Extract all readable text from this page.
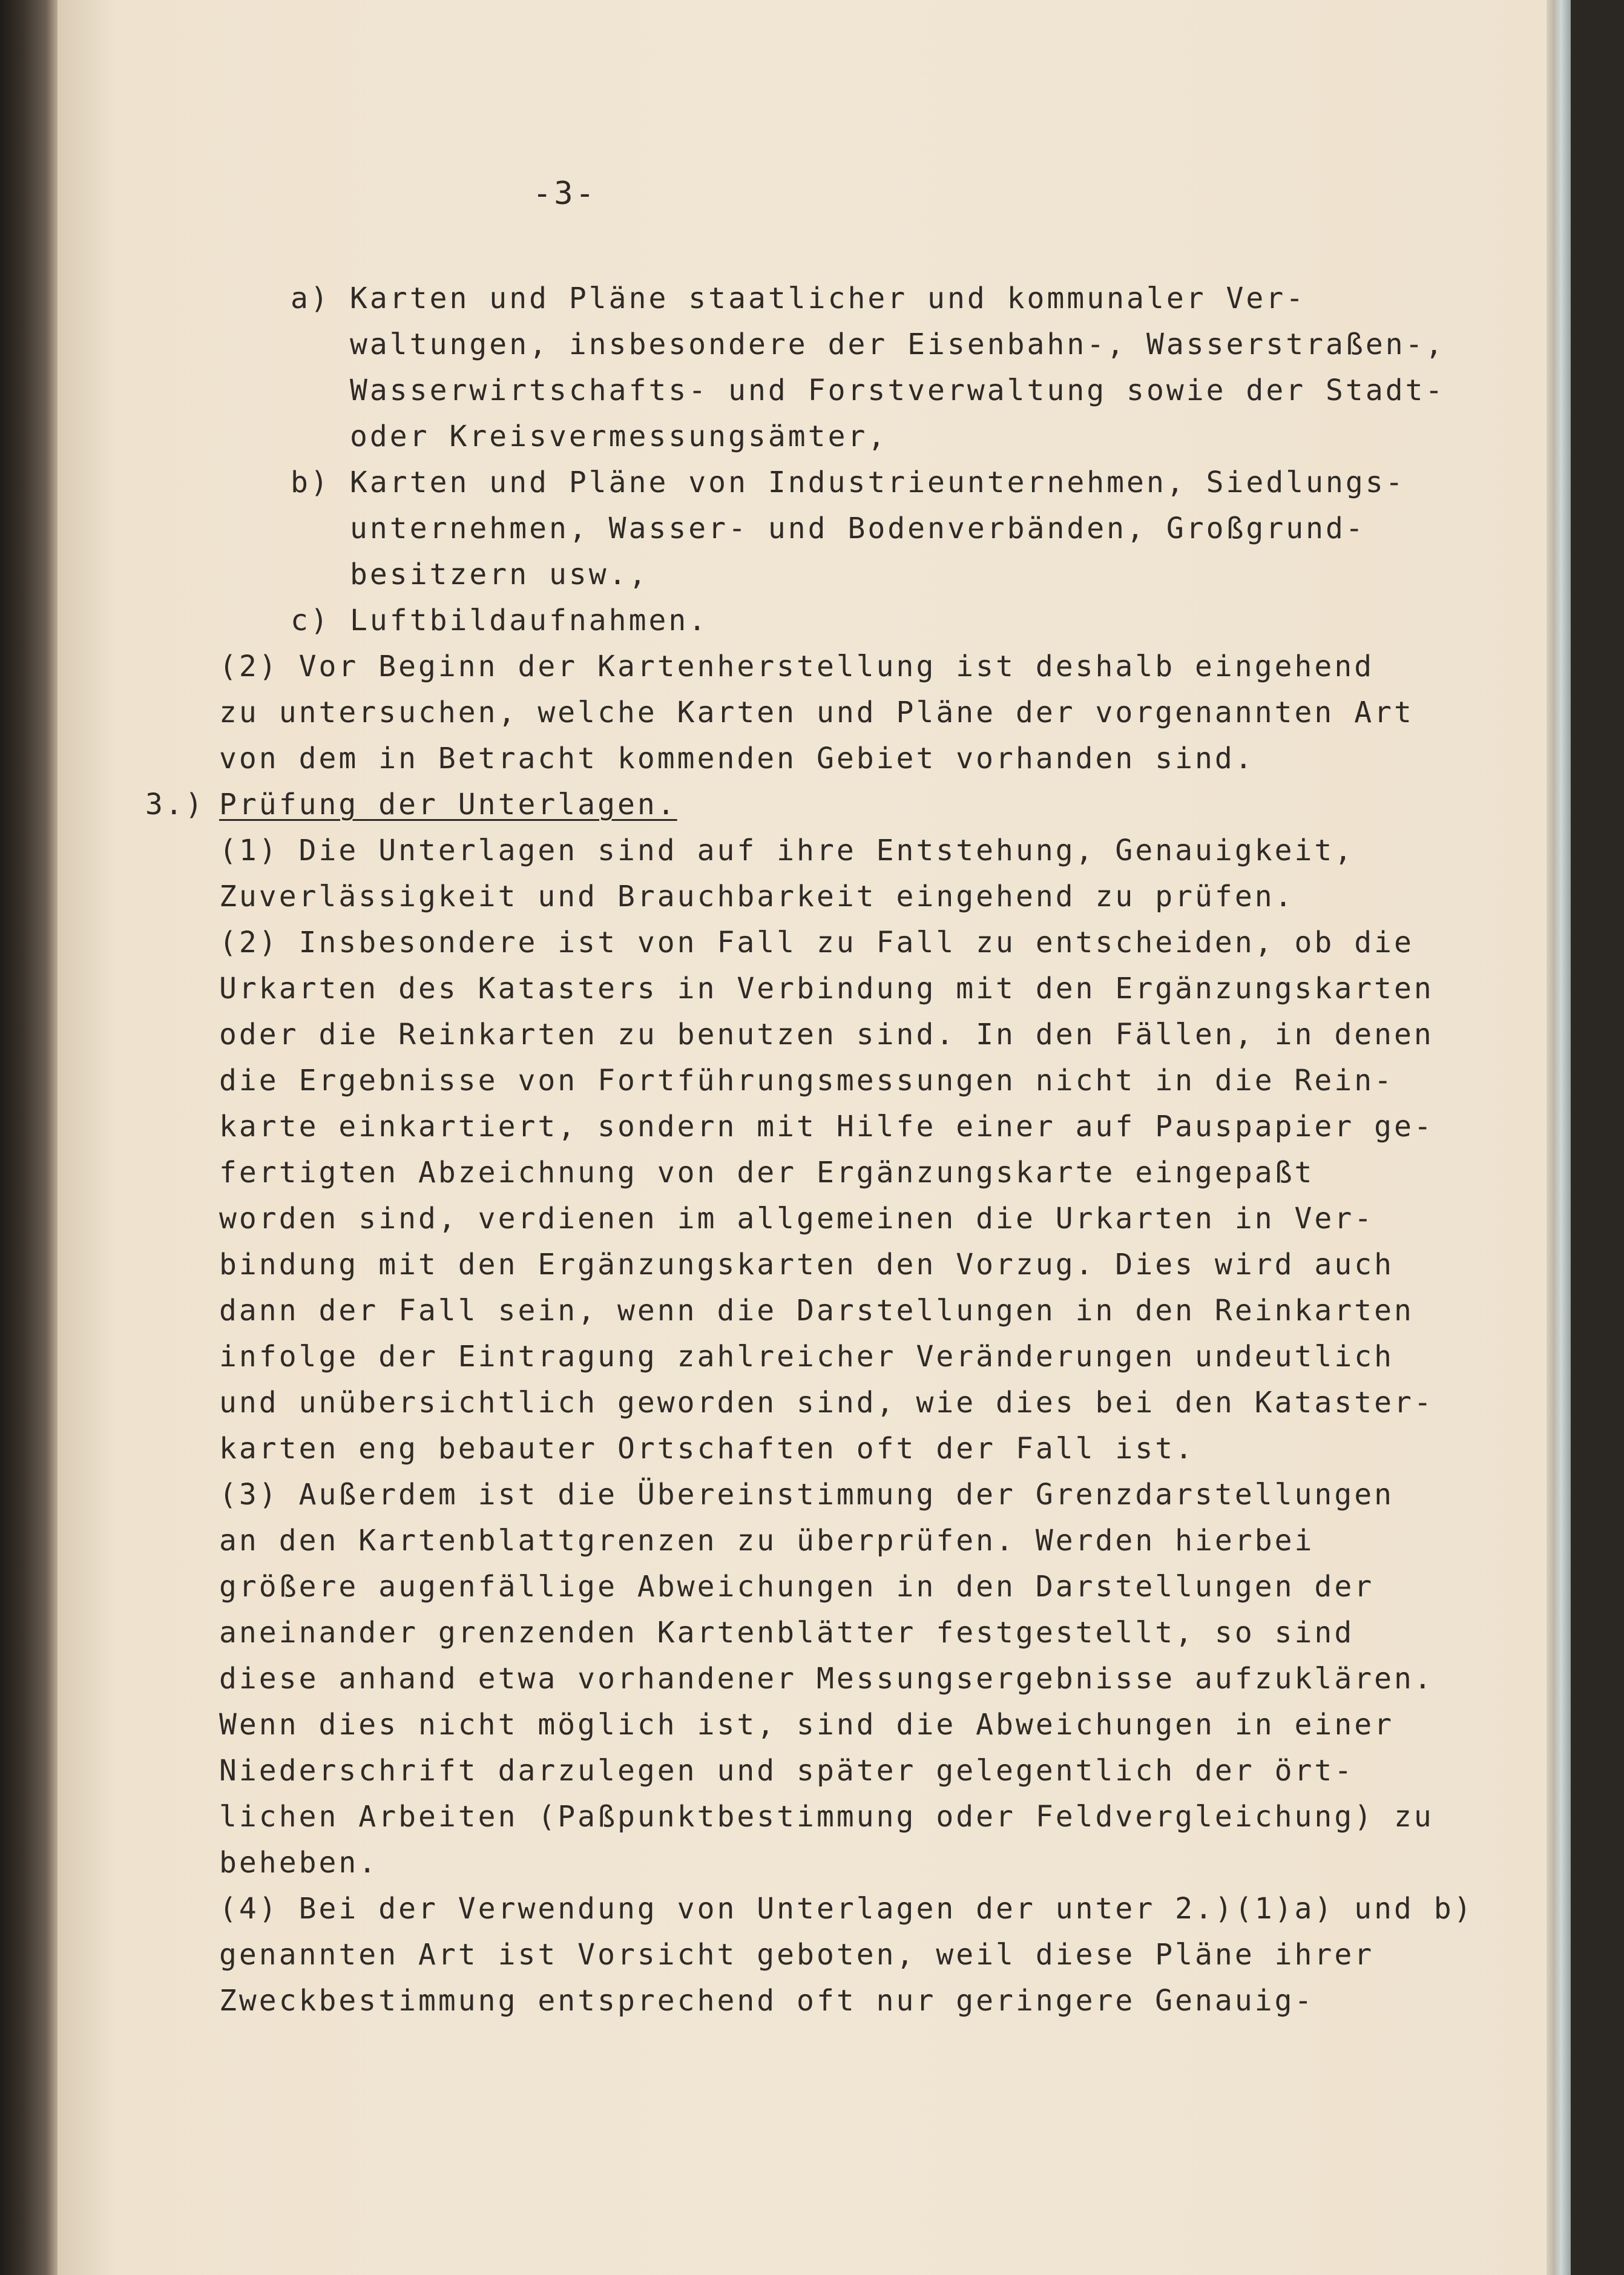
-3-
a) Karten und Pläne staatlicher und kommunaler Ver-
waltungen, insbesondere der Eisenbahn-, Wasserstraßen-,
Wasserwirtschafts- und Forstverwaltung sowie der Stadt-
oder Kreisvermessungsämter,
b) Karten und Pläne von Industrieunternehmen, Siedlungs-
unternehmen, Wasser- und Bodenverbänden, Großgrund-
besitzern usw.,
c) Luftbildaufnahmen.
(2) Vor Beginn der Kartenherstellung ist deshalb eingehend
zu untersuchen, welche Karten und Pläne der vorgenannten Art
von dem in Betracht kommenden Gebiet vorhanden sind.
3.) Prüfung der Unterlagen.
(1) Die Unterlagen sind auf ihre Entstehung, Genauigkeit,
Zuverlässigkeit und Brauchbarkeit eingehend zu prüfen.
(2) Insbesondere ist von Fall zu Fall zu entscheiden, ob die
Urkarten des Katasters in Verbindung mit den Ergänzungskarten
oder die Reinkarten zu benutzen sind. In den Fällen, in denen
die Ergebnisse von Fortführungsmessungen nicht in die Rein-
karte einkartiert, sondern mit Hilfe einer auf Pauspapier ge-
fertigten Abzeichnung von der Ergänzungskarte eingepaßt
worden sind, verdienen im allgemeinen die Urkarten in Ver-
bindung mit den Ergänzungskarten den Vorzug. Dies wird auch
dann der Fall sein, wenn die Darstellungen in den Reinkarten
infolge der Eintragung zahlreicher Veränderungen undeutlich
und unübersichtlich geworden sind, wie dies bei den Kataster-
karten eng bebauter Ortschaften oft der Fall ist.
(3) Außerdem ist die Übereinstimmung der Grenzdarstellungen
an den Kartenblattgrenzen zu überprüfen. Werden hierbei
größere augenfällige Abweichungen in den Darstellungen der
aneinander grenzenden Kartenblätter festgestellt, so sind
diese anhand etwa vorhandener Messungsergebnisse aufzuklären.
Wenn dies nicht möglich ist, sind die Abweichungen in einer
Niederschrift darzulegen und später gelegentlich der ört-
lichen Arbeiten (Paßpunktbestimmung oder Feldvergleichung) zu
beheben.
(4) Bei der Verwendung von Unterlagen der unter 2.)(1)a) und b)
genannten Art ist Vorsicht geboten, weil diese Pläne ihrer
Zweckbestimmung entsprechend oft nur geringere Genauig-
